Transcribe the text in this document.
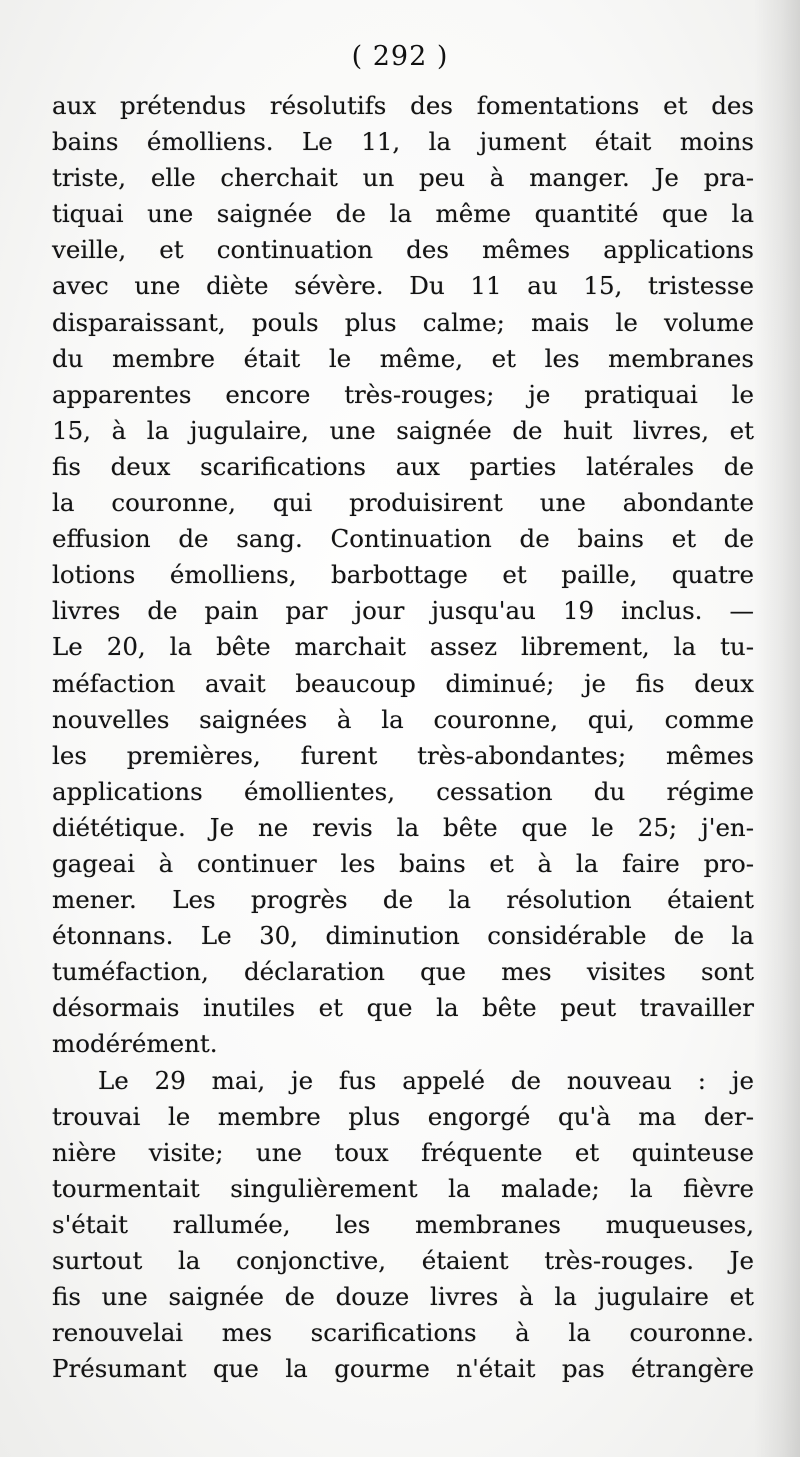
( 292 )
aux prétendus résolutifs des fomentations et des
bains émolliens. Le 11, la jument était moins
triste, elle cherchait un peu à manger. Je pra-
tiquai une saignée de la même quantité que la
veille, et continuation des mêmes applications
avec une diète sévère. Du 11 au 15, tristesse
disparaissant, pouls plus calme; mais le volume
du membre était le même, et les membranes
apparentes encore très-rouges; je pratiquai le
15, à la jugulaire, une saignée de huit livres, et
fis deux scarifications aux parties latérales de
la couronne, qui produisirent une abondante
effusion de sang. Continuation de bains et de
lotions émolliens, barbottage et paille, quatre
livres de pain par jour jusqu'au 19 inclus. —
Le 20, la bête marchait assez librement, la tu-
méfaction avait beaucoup diminué; je fis deux
nouvelles saignées à la couronne, qui, comme
les premières, furent très-abondantes; mêmes
applications émollientes, cessation du régime
diététique. Je ne revis la bête que le 25; j'en-
gageai à continuer les bains et à la faire pro-
mener. Les progrès de la résolution étaient
étonnans. Le 30, diminution considérable de la
tuméfaction, déclaration que mes visites sont
désormais inutiles et que la bête peut travailler
modérément.
Le 29 mai, je fus appelé de nouveau : je
trouvai le membre plus engorgé qu'à ma der-
nière visite; une toux fréquente et quinteuse
tourmentait singulièrement la malade; la fièvre
s'était rallumée, les membranes muqueuses,
surtout la conjonctive, étaient très-rouges. Je
fis une saignée de douze livres à la jugulaire et
renouvelai mes scarifications à la couronne.
Présumant que la gourme n'était pas étrangère
